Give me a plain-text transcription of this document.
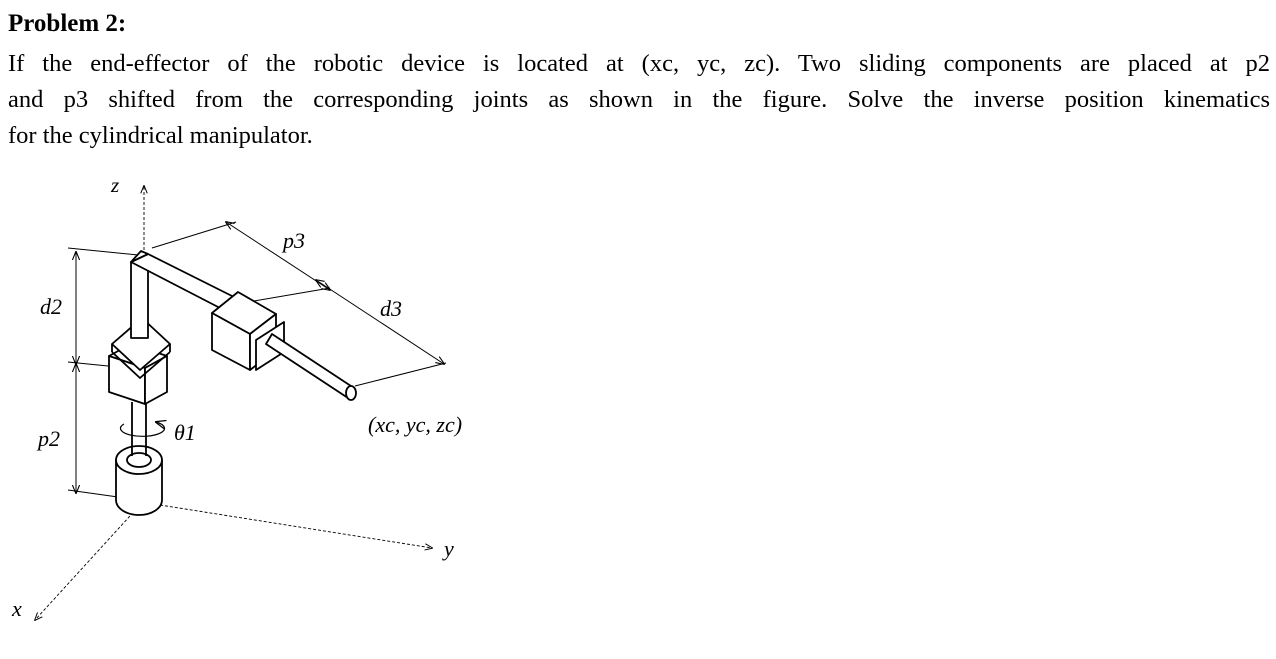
Problem 2:
If the end-effector of the robotic device is located at (xc, yc, zc). Two sliding components are placed at p2
and p3 shifted from the corresponding joints as shown in the figure. Solve the inverse position kinematics
for the cylindrical manipulator.
z
x
y
p3
d2	d3
p2	θ1	(xc, yc, zc)
